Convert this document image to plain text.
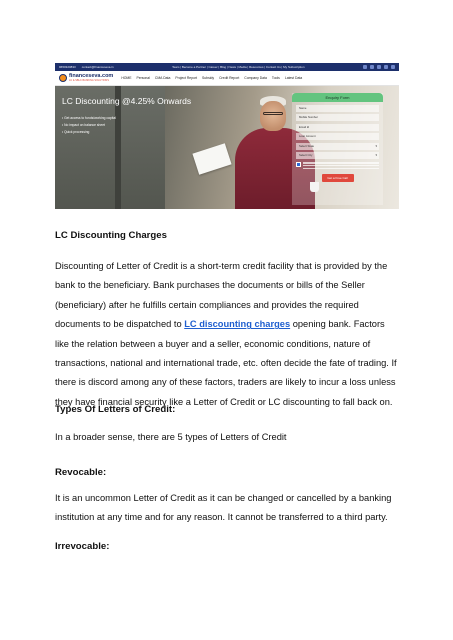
9650320833 contact@financeseva.in	Team | Become a Partner | Career | Blog | News | Media | Resources | Contact Us | My Subscription
financeseva.com
LC & SBLC BANKING SOLUTIONS	HOME Personal CMA Data Project Report Subsidy Credit Report Company Data Tools Latest Data
LC Discounting @4.25% Onwards
• Get access to funds/working capital
• No impact on balance sheet
• Quick processing
Enquiry Form
Name
Mobile Number
Email Id
Loan Amount
Select State ▾
Select City ▾
Get a Free Call
LC Discounting Charges

Discounting of Letter of Credit is a short-term credit facility that is provided by the bank to the beneficiary. Bank purchases the documents or bills of the Seller (beneficiary) after he fulfills certain compliances and provides the required documents to be dispatched to LC discounting charges opening bank. Factors like the relation between a buyer and a seller, economic conditions, nature of transactions, national and international trade, etc. often decide the fate of trading. If there is discord among any of these factors, traders are likely to incur a loss unless they have financial security like a Letter of Credit or LC discounting to fall back on.

Types Of Letters of Credit:
In a broader sense, there are 5 types of Letters of Credit
Revocable:

It is an uncommon Letter of Credit as it can be changed or cancelled by a banking institution at any time and for any reason. It cannot be transferred to a third party.

Irrevocable:
